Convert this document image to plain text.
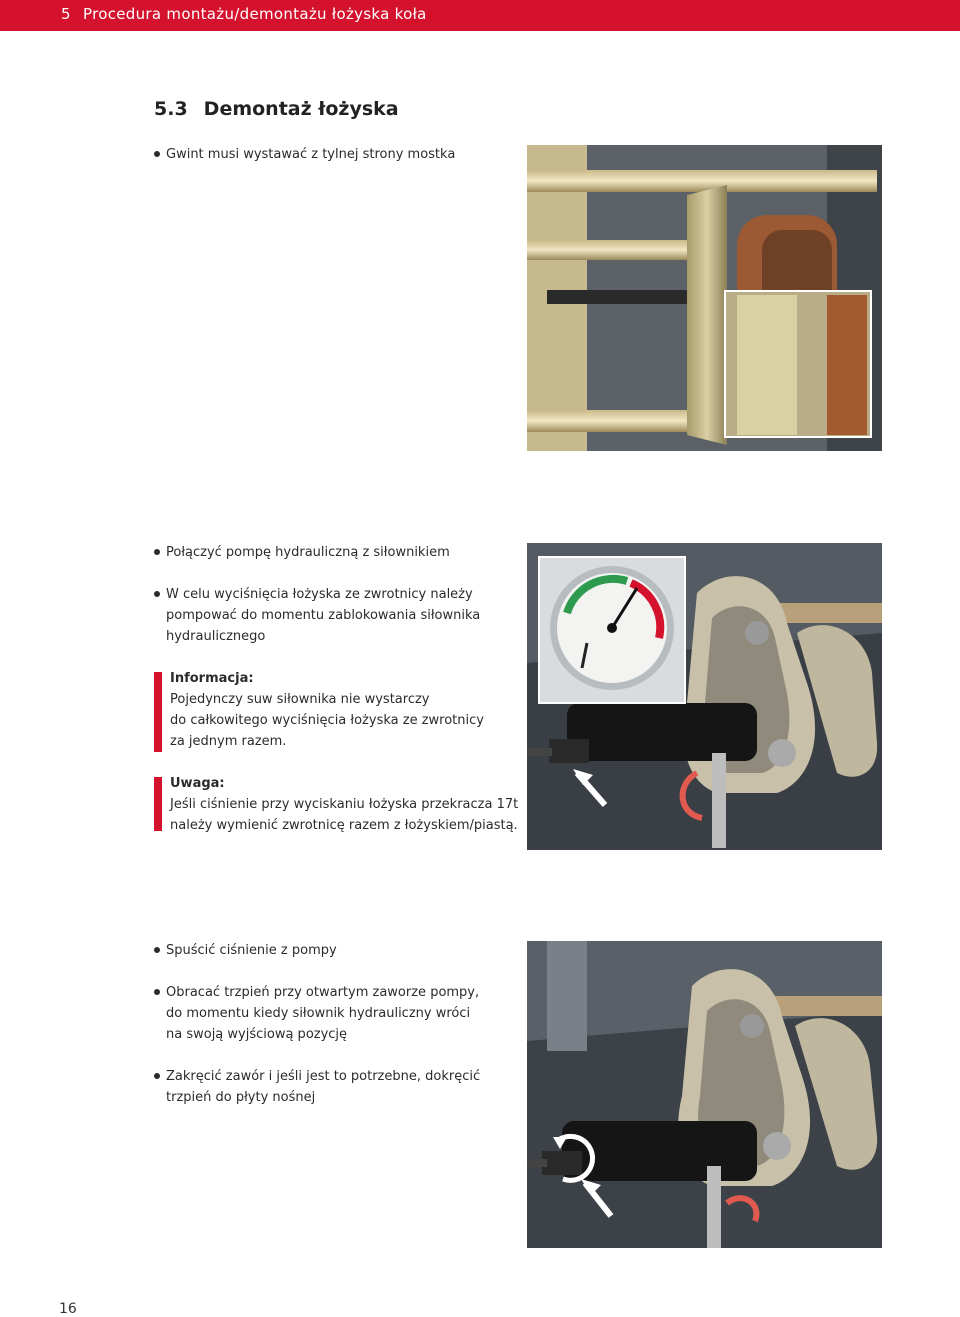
5 Procedura montażu/demontażu łożyska koła
5.3 Demontaż łożyska
Gwint musi wystawać z tylnej strony mostka
Połączyć pompę hydrauliczną z siłownikiem
W celu wyciśnięcia łożyska ze zwrotnicy należy
pompować do momentu zablokowania siłownika
hydraulicznego
Informacja:
Pojedynczy suw siłownika nie wystarczy
do całkowitego wyciśnięcia łożyska ze zwrotnicy
za jednym razem.
Uwaga:
Jeśli ciśnienie przy wyciskaniu łożyska przekracza 17t
należy wymienić zwrotnicę razem z łożyskiem/piastą.
Spuścić ciśnienie z pompy
Obracać trzpień przy otwartym zaworze pompy,
do momentu kiedy siłownik hydrauliczny wróci
na swoją wyjściową pozycję
Zakręcić zawór i jeśli jest to potrzebne, dokręcić
trzpień do płyty nośnej
16
